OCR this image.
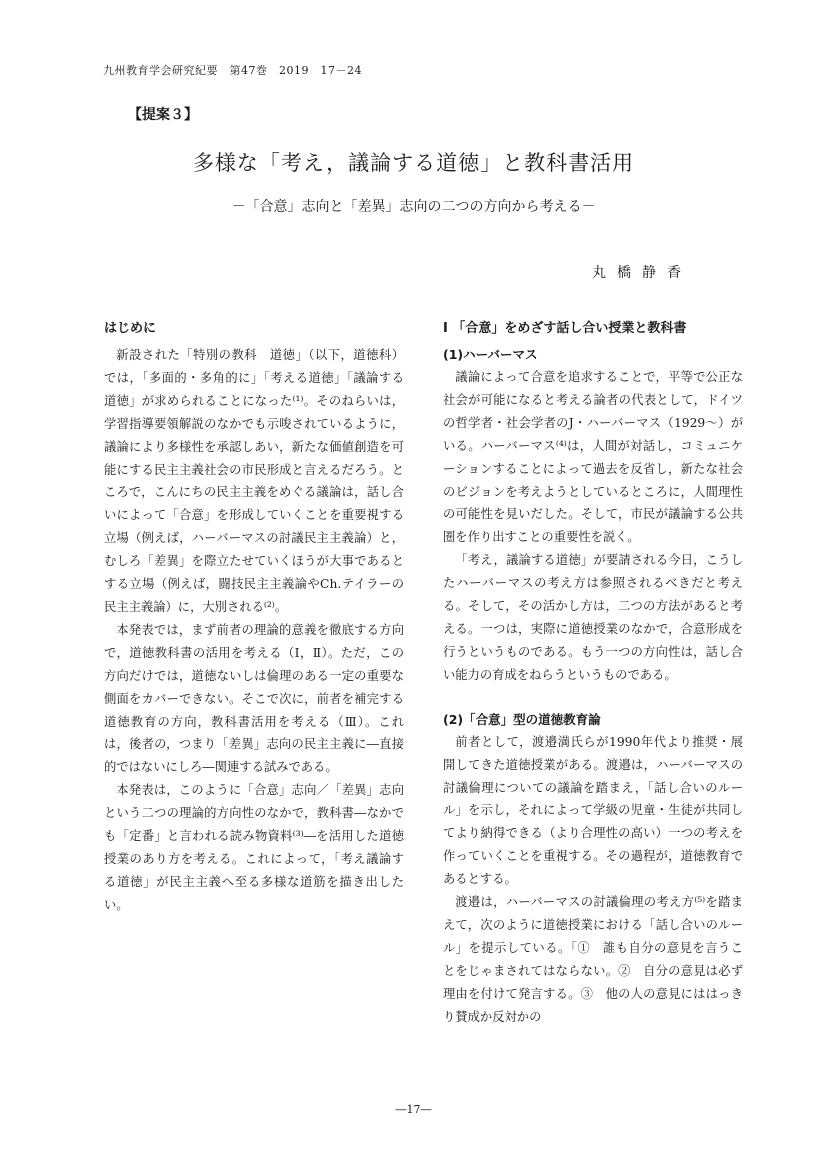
九州教育学会研究紀要　第47巻　2019　17－24
【提案３】
多様な「考え，議論する道徳」と教科書活用
－「合意」志向と「差異」志向の二つの方向から考える－
丸橋静香

はじめに

新設された「特別の教科　道徳」（以下，道徳科）では，「多面的・多角的に」「考える道徳」「議論する道徳」が求められることになった⁽¹⁾。そのねらいは，学習指導要領解説のなかでも示唆されているように，議論により多様性を承認しあい，新たな価値創造を可能にする民主主義社会の市民形成と言えるだろう。ところで，こんにちの民主主義をめぐる議論は，話し合いによって「合意」を形成していくことを重要視する立場（例えば，ハーバーマスの討議民主主義論）と，むしろ「差異」を際立たせていくほうが大事であるとする立場（例えば，闘技民主主義論やCh.テイラーの民主主義論）に，大別される⁽²⁾。

本発表では，まず前者の理論的意義を徹底する方向で，道徳教科書の活用を考える（Ⅰ，Ⅱ）。ただ，この方向だけでは，道徳ないしは倫理のある一定の重要な側面をカバーできない。そこで次に，前者を補完する道徳教育の方向，教科書活用を考える（Ⅲ）。これは，後者の，つまり「差異」志向の民主主義に―直接的ではないにしろ―関連する試みである。

本発表は，このように「合意」志向／「差異」志向という二つの理論的方向性のなかで，教科書―なかでも「定番」と言われる読み物資料⁽³⁾―を活用した道徳授業のあり方を考える。これによって，「考え議論する道徳」が民主主義へ至る多様な道筋を描き出したい。

Ⅰ 「合意」をめざす話し合い授業と教科書

(1)ハーバーマス

議論によって合意を追求することで，平等で公正な社会が可能になると考える論者の代表として，ドイツの哲学者・社会学者のJ・ハーバーマス（1929～）がいる。ハーバーマス⁽⁴⁾は，人間が対話し，コミュニケーションすることによって過去を反省し，新たな社会のビジョンを考えようとしているところに，人間理性の可能性を見いだした。そして，市民が議論する公共圏を作り出すことの重要性を説く。

「考え，議論する道徳」が要請される今日，こうしたハーバーマスの考え方は参照されるべきだと考える。そして，その活かし方は，二つの方法があると考える。一つは，実際に道徳授業のなかで，合意形成を行うというものである。もう一つの方向性は，話し合い能力の育成をねらうというものである。

(2)「合意」型の道徳教育論

前者として，渡邉満氏らが1990年代より推奨・展開してきた道徳授業がある。渡邉は，ハーバーマスの討議倫理についての議論を踏まえ，「話し合いのルール」を示し，それによって学級の児童・生徒が共同してより納得できる（より合理性の高い）一つの考えを作っていくことを重視する。その過程が，道徳教育であるとする。

渡邉は，ハーバーマスの討議倫理の考え方⁽⁵⁾を踏まえて，次のように道徳授業における「話し合いのルール」を提示している。「①　誰も自分の意見を言うことをじゃまされてはならない。②　自分の意見は必ず理由を付けて発言する。③　他の人の意見にははっきり賛成か反対かの

―17―
